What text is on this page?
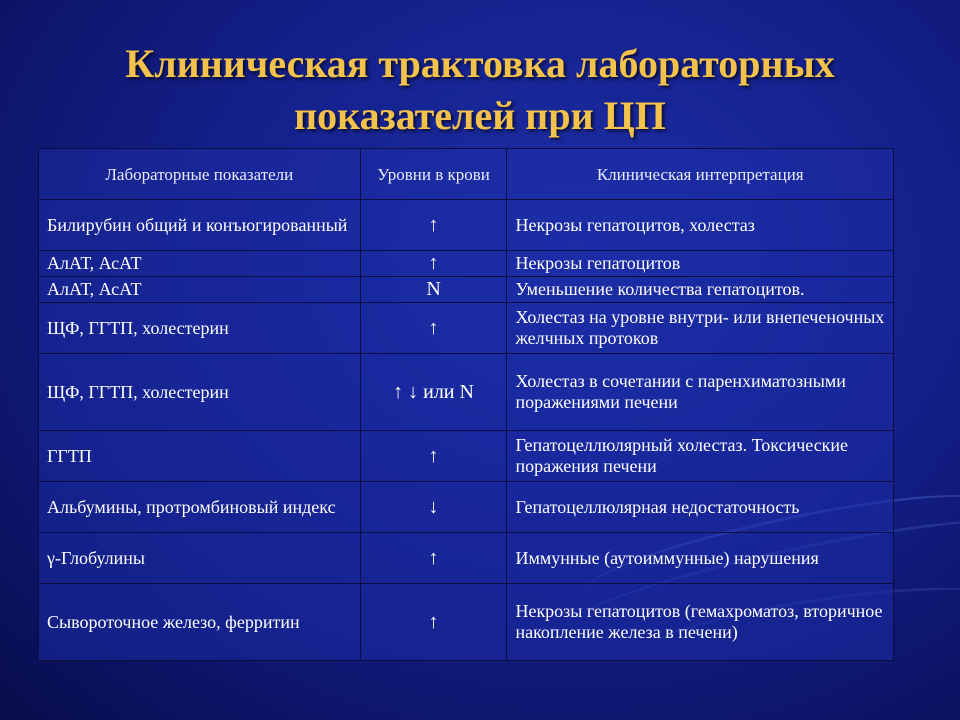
Клиническая трактовка лабораторных
показателей при ЦП
Лабораторные показатели	Уровни в крови	Клиническая интерпретация
Билирубин общий и конъюгированный	↑	Некрозы гепатоцитов, холестаз
АлАТ, АсАТ	↑	Некрозы гепатоцитов
АлАТ, АсАТ	N	Уменьшение количества гепатоцитов.
ЩФ, ГГТП, холестерин	↑	Холестаз на уровне внутри- или внепеченочных желчных протоков
ЩФ, ГГТП, холестерин	↑ ↓ или N	Холестаз в сочетании с паренхиматозными поражениями печени
ГГТП	↑	Гепатоцеллюлярный холестаз. Токсические поражения печени
Альбумины, протромбиновый индекс	↓	Гепатоцеллюлярная недостаточность
γ-Глобулины	↑	Иммунные (аутоиммунные) нарушения
Сывороточное железо, ферритин	↑	Некрозы гепатоцитов (гемахроматоз, вторичное накопление железа в печени)
